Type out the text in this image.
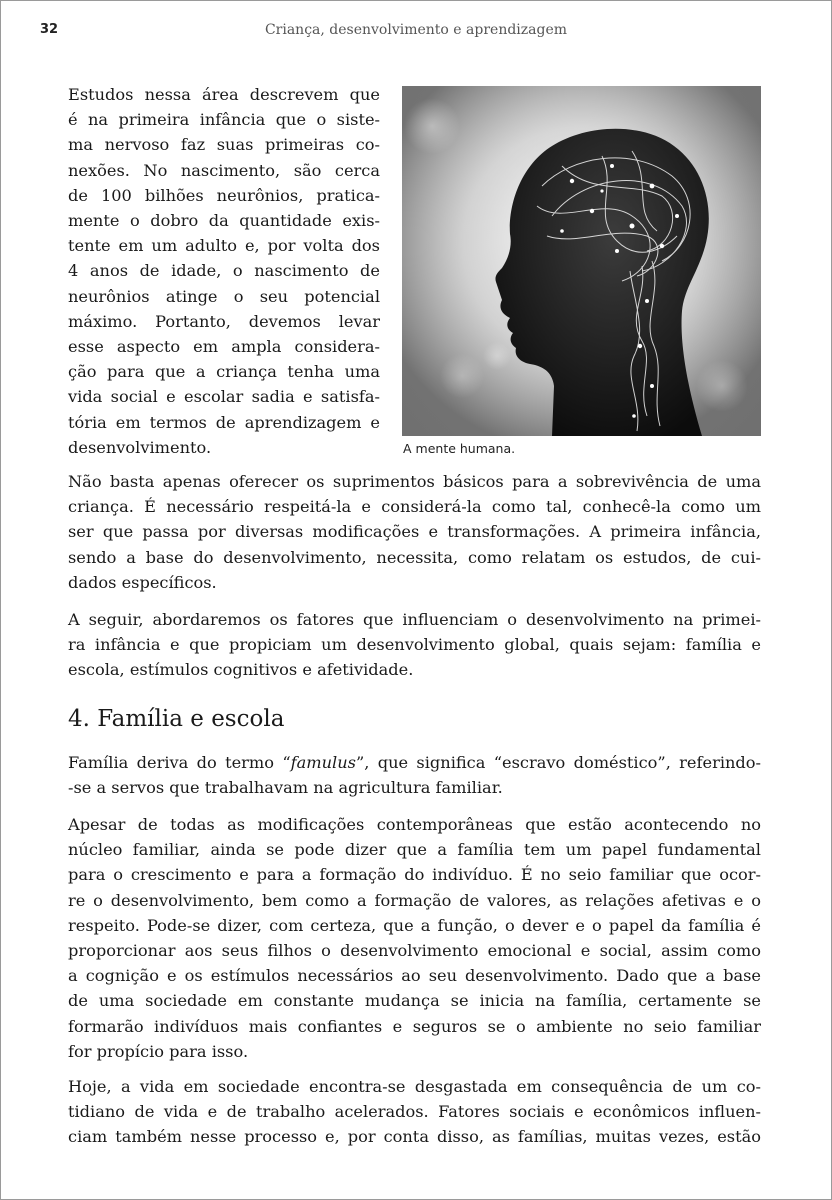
32	Criança, desenvolvimento e aprendizagem
Estudos nessa área descrevem que
é na primeira infância que o siste-
ma nervoso faz suas primeiras co-
nexões. No nascimento, são cerca
de 100 bilhões neurônios, pratica-
mente o dobro da quantidade exis-
tente em um adulto e, por volta dos
4 anos de idade, o nascimento de
neurônios atinge o seu potencial
máximo. Portanto, devemos levar
esse aspecto em ampla considera-
ção para que a criança tenha uma
vida social e escolar sadia e satisfa-
tória em termos de aprendizagem e
desenvolvimento.	A mente humana.
Não basta apenas oferecer os suprimentos básicos para a sobrevivência de uma
criança. É necessário respeitá-la e considerá-la como tal, conhecê-la como um
ser que passa por diversas modificações e transformações. A primeira infância,
sendo a base do desenvolvimento, necessita, como relatam os estudos, de cui-
dados específicos.
A seguir, abordaremos os fatores que influenciam o desenvolvimento na primei-
ra infância e que propiciam um desenvolvimento global, quais sejam: família e
escola, estímulos cognitivos e afetividade.
4. Família e escola
Família deriva do termo “famulus”, que significa “escravo doméstico”, referindo-
-se a servos que trabalhavam na agricultura familiar.
Apesar de todas as modificações contemporâneas que estão acontecendo no
núcleo familiar, ainda se pode dizer que a família tem um papel fundamental
para o crescimento e para a formação do indivíduo. É no seio familiar que ocor-
re o desenvolvimento, bem como a formação de valores, as relações afetivas e o
respeito. Pode-se dizer, com certeza, que a função, o dever e o papel da família é
proporcionar aos seus filhos o desenvolvimento emocional e social, assim como
a cognição e os estímulos necessários ao seu desenvolvimento. Dado que a base
de uma sociedade em constante mudança se inicia na família, certamente se
formarão indivíduos mais confiantes e seguros se o ambiente no seio familiar
for propício para isso.
Hoje, a vida em sociedade encontra-se desgastada em consequência de um co-
tidiano de vida e de trabalho acelerados. Fatores sociais e econômicos influen-
ciam também nesse processo e, por conta disso, as famílias, muitas vezes, estão
